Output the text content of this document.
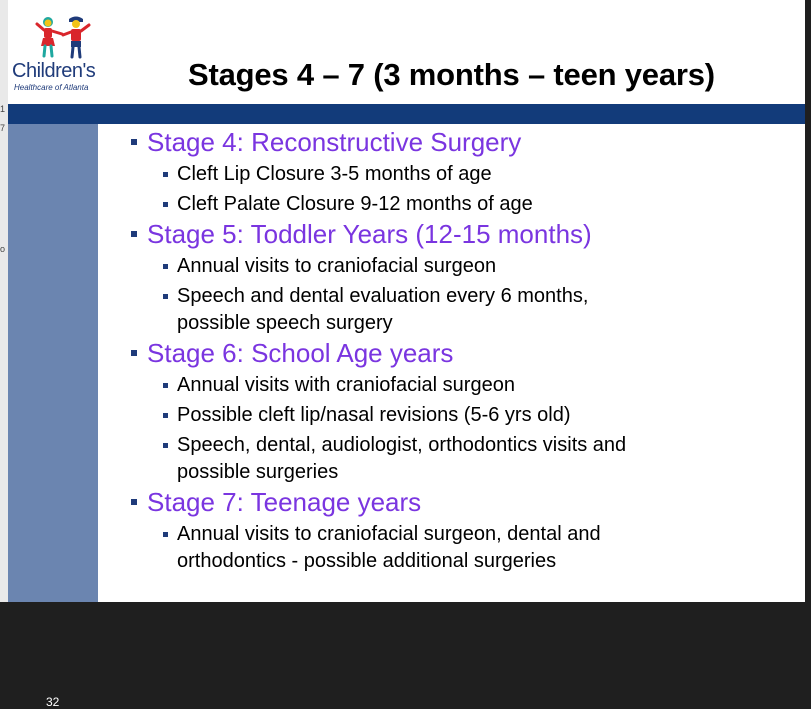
1
7
o
Children's
Healthcare of Atlanta	Stages 4 – 7 (3 months – teen years)
32
Stage 4: Reconstructive Surgery
Cleft Lip Closure 3-5 months of age
Cleft Palate Closure 9-12 months of age
Stage 5: Toddler Years (12-15 months)
Annual visits to craniofacial surgeon
Speech and dental evaluation every 6 months, possible speech surgery
Stage 6: School Age years
Annual visits with craniofacial surgeon
Possible cleft lip/nasal revisions (5-6 yrs old)
Speech, dental, audiologist, orthodontics visits and possible surgeries
Stage 7: Teenage years
Annual visits to craniofacial surgeon, dental and orthodontics - possible additional surgeries
